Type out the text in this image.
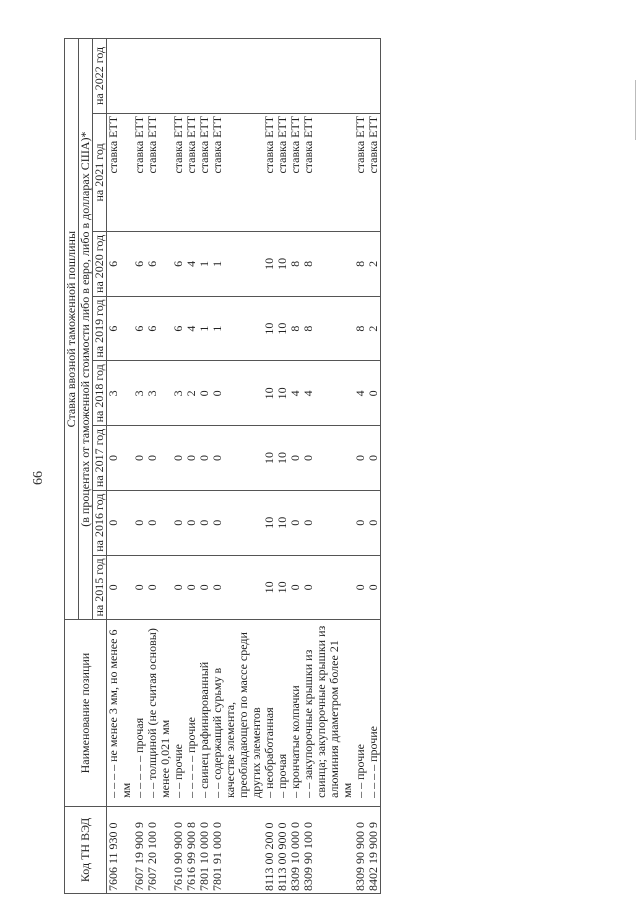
66
Код ТН ВЭД	Наименование позиции	Ставка ввозной таможенной пошлины							
		(в процентах от таможенной стоимости либо в евро, либо в долларах США)*							
		на 2015 год	на 2016 год	на 2017 год	на 2018 год	на 2019 год	на 2020 год	на 2021 год	на 2022 год
7606 11 930 0	– – – – не менее 3 мм, но менее 6 мм	0	0	0	3	6	6	ставка ЕТТ	
7607 19 900 9	– – – – – прочая	0	0	0	3	6	6	ставка ЕТТ	
7607 20 100 0	– – толщиной (не считая основы) менее 0,021 мм	0	0	0	3	6	6	ставка ЕТТ	
7610 90 900 0	– – прочие	0	0	0	3	6	6	ставка ЕТТ	
7616 99 900 8	– – – – – прочие	0	0	0	2	4	4	ставка ЕТТ	
7801 10 000 0	– свинец рафинированный	0	0	0	0	1	1	ставка ЕТТ	
7801 91 000 0	– – содержащий сурьму в качестве элемента, преобладающего по массе среди других элементов	0	0	0	0	1	1	ставка ЕТТ	
8113 00 200 0	– необработанная	10	10	10	10	10	10	ставка ЕТТ	
8113 00 900 0	– прочая	10	10	10	10	10	10	ставка ЕТТ	
8309 10 000 0	– крончатые колпачки	0	0	0	4	8	8	ставка ЕТТ	
8309 90 100 0	– – закупорочные крышки из свинца; закупорочные крышки из алюминия диаметром более 21 мм	0	0	0	4	8	8	ставка ЕТТ	
8309 90 900 0	– – прочие	0	0	0	4	8	8	ставка ЕТТ	
8402 19 900 9	– – – – прочие	0	0	0	0	2	2	ставка ЕТТ	
